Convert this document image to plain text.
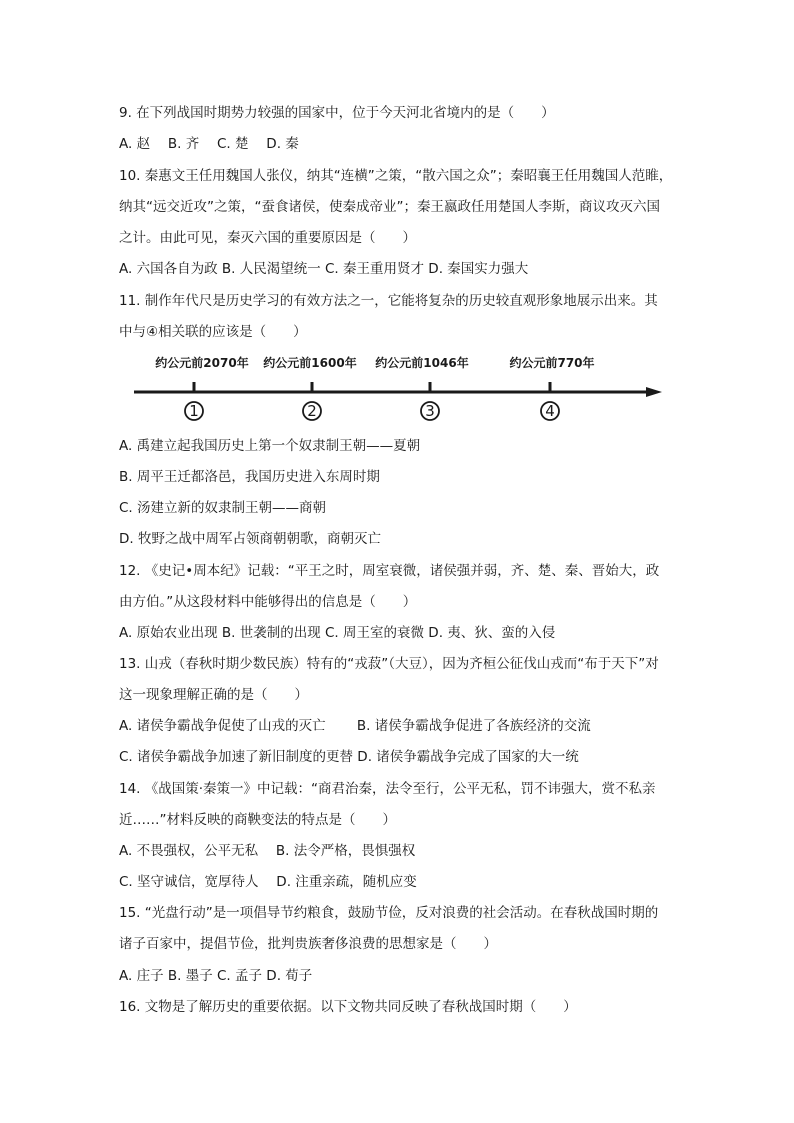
9. 在下列战国时期势力较强的国家中，位于今天河北省境内的是（　　）
A. 赵　 B. 齐　 C. 楚　 D. 秦
10. 秦惠文王任用魏国人张仪，纳其“连横”之策，“散六国之众”；秦昭襄王任用魏国人范睢，
纳其“远交近攻”之策，“蚕食诸侯，使秦成帝业”；秦王嬴政任用楚国人李斯，商议攻灭六国
之计。由此可见，秦灭六国的重要原因是（　　）
A. 六国各自为政 B. 人民渴望统一 C. 秦王重用贤才 D. 秦国实力强大
11. 制作年代尺是历史学习的有效方法之一，它能将复杂的历史较直观形象地展示出来。其
中与④相关联的应该是（　　）
约公元前2070年 约公元前1600年 约公元前1046年	约公元前770年
1	2	3	4
A. 禹建立起我国历史上第一个奴隶制王朝——夏朝
B. 周平王迁都洛邑，我国历史进入东周时期
C. 汤建立新的奴隶制王朝——商朝
D. 牧野之战中周军占领商朝朝歌，商朝灭亡
12. 《史记•周本纪》记载：“平王之时，周室衰微，诸侯强并弱，齐、楚、秦、晋始大，政
由方伯。”从这段材料中能够得出的信息是（　　）
A. 原始农业出现 B. 世袭制的出现 C. 周王室的衰微 D. 夷、狄、蛮的入侵
13. 山戎（春秋时期少数民族）特有的“戎菽”（大豆），因为齐桓公征伐山戎而“布于天下”对
这一现象理解正确的是（　　）
A. 诸侯争霸战争促使了山戎的灭亡　　 B. 诸侯争霸战争促进了各族经济的交流
C. 诸侯争霸战争加速了新旧制度的更替 D. 诸侯争霸战争完成了国家的大一统
14. 《战国策·秦策一》中记载：“商君治秦，法令至行，公平无私，罚不讳强大，赏不私亲
近……”材料反映的商鞅变法的特点是（　　）
A. 不畏强权，公平无私　 B. 法令严格，畏惧强权
C. 坚守诚信，宽厚待人　 D. 注重亲疏，随机应变
15. “光盘行动”是一项倡导节约粮食，鼓励节俭，反对浪费的社会活动。在春秋战国时期的
诸子百家中，提倡节俭，批判贵族奢侈浪费的思想家是（　　）
A. 庄子 B. 墨子 C. 孟子 D. 荀子
16. 文物是了解历史的重要依据。以下文物共同反映了春秋战国时期（　　）
